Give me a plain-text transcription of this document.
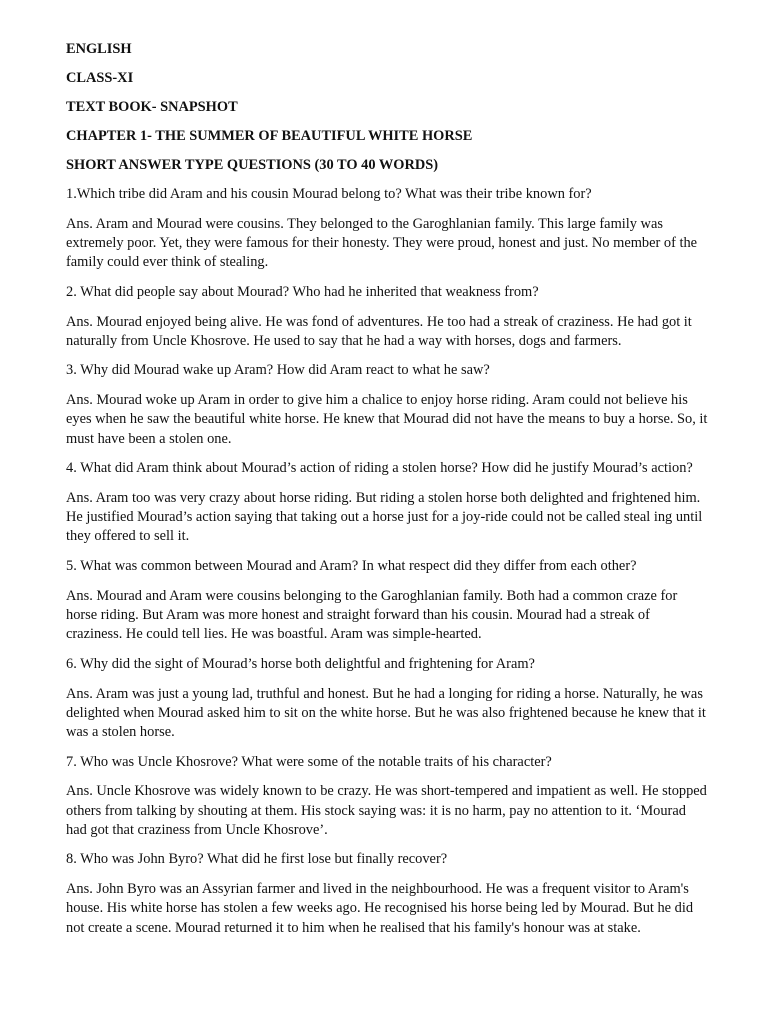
ENGLISH
CLASS-XI
TEXT BOOK- SNAPSHOT
CHAPTER 1- THE SUMMER OF BEAUTIFUL WHITE HORSE
SHORT ANSWER TYPE QUESTIONS (30 TO 40 WORDS)

1.Which tribe did Aram and his cousin Mourad belong to? What was their tribe known for?

Ans. Aram and Mourad were cousins. They belonged to the Garoghlanian family. This large family was extremely poor. Yet, they were famous for their honesty. They were proud, honest and just. No member of the family could ever think of stealing.

2. What did people say about Mourad? Who had he inherited that weakness from?

Ans. Mourad enjoyed being alive. He was fond of adventures. He too had a streak of craziness. He had got it naturally from Uncle Khosrove. He used to say that he had a way with horses, dogs and farmers.

3. Why did Mourad wake up Aram? How did Aram react to what he saw?

Ans. Mourad woke up Aram in order to give him a chalice to enjoy horse riding. Aram could not believe his eyes when he saw the beautiful white horse. He knew that Mourad did not have the means to buy a horse. So, it must have been a stolen one.

4. What did Aram think about Mourad’s action of riding a stolen horse? How did he justify Mourad’s action?

Ans. Aram too was very crazy about horse riding. But riding a stolen horse both delighted and frightened him. He justified Mourad’s action saying that taking out a horse just for a joy-ride could not be called steal ing until they offered to sell it.

5. What was common between Mourad and Aram? In what respect did they differ from each other?

Ans. Mourad and Aram were cousins belonging to the Garoghlanian family. Both had a common craze for horse riding. But Aram was more honest and straight forward than his cousin. Mourad had a streak of craziness. He could tell lies. He was boastful. Aram was simple-hearted.

6. Why did the sight of Mourad’s horse both delightful and frightening for Aram?

Ans. Aram was just a young lad, truthful and honest. But he had a longing for riding a horse. Naturally, he was delighted when Mourad asked him to sit on the white horse. But he was also frightened because he knew that it was a stolen horse.

7. Who was Uncle Khosrove? What were some of the notable traits of his character?

Ans. Uncle Khosrove was widely known to be crazy. He was short-tempered and impatient as well. He stopped others from talking by shouting at them. His stock saying was: it is no harm, pay no attention to it. ‘Mourad had got that craziness from Uncle Khosrove’.

8. Who was John Byro? What did he first lose but finally recover?

Ans. John Byro was an Assyrian farmer and lived in the neighbourhood. He was a frequent visitor to Aram's house. His white horse has stolen a few weeks ago. He recognised his horse being led by Mourad. But he did not create a scene. Mourad returned it to him when he realised that his family's honour was at stake.
